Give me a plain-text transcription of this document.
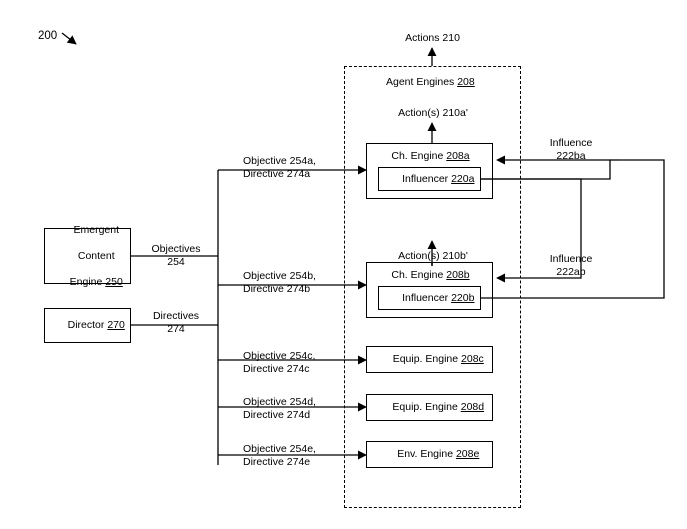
200	Actions 210
Agent Engines 208
Action(s) 210a'
Action(s) 210b'

Emergent

Content

Engine 250

Director 270

Objectives
254
Directives
274
Objective 254a,
Directive 274a
Objective 254b,
Directive 274b
Objective 254c,
Directive 274c
Objective 254d,
Directive 274d
Objective 254e,
Directive 274e

Ch. Engine 208a

Influencer 220a

Ch. Engine 208b

Influencer 220b

Equip. Engine 208c

Equip. Engine 208d

Env. Engine 208e

Influence
222ba
Influence
222ab
